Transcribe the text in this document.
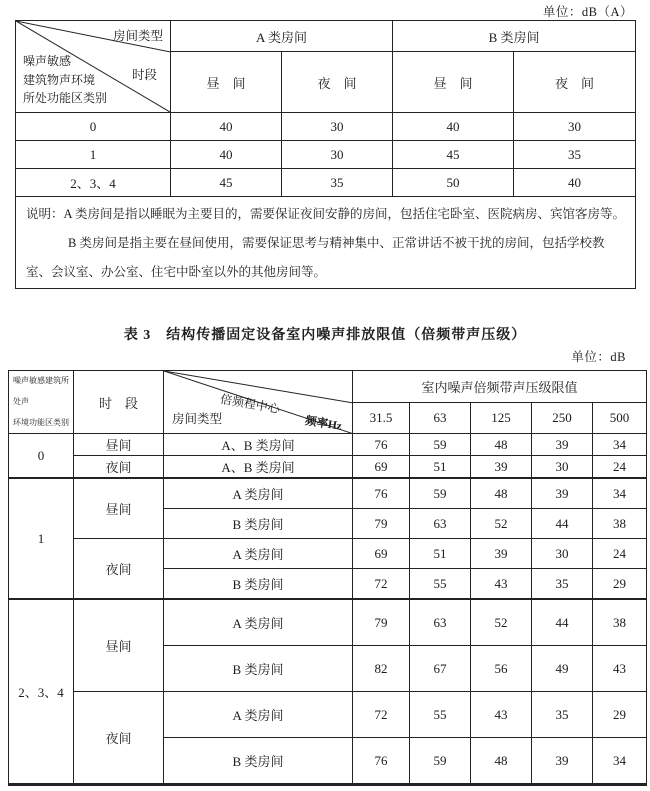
单位：dB（A）
房间类型
时段
噪声敏感
建筑物声环境
所处功能区类别	A 类房间		B 类房间	
	昼　间	夜　间	昼　间	夜　间
0	40	30	40	30
1	40	30	45	35
2、3、4	45	35	50	40

说明：A 类房间是指以睡眠为主要目的，需要保证夜间安静的房间，包括住宅卧室、医院病房、宾馆客房等。

B 类房间是指主要在昼间使用，需要保证思考与精神集中、正常讲话不被干扰的房间，包括学校教室、会议室、办公室、住宅中卧室以外的其他房间等。				

表 3　结构传播固定设备室内噪声排放限值（倍频带声压级）
单位：dB
噪声敏感建筑所处声
环境功能区类别
	时　段	倍频程中心
频率Hz
房间类型
	室内噪声倍频带声压级限值
			31.5	63	125	250	500
0	昼间	A、B 类房间	76	59	48	39	34
	夜间	A、B 类房间	69	51	39	30	24
1	昼间	A 类房间	76	59	48	39	34
		B 类房间	79	63	52	44	38
	夜间	A 类房间	69	51	39	30	24
		B 类房间	72	55	43	35	29
2、3、4	昼间	A 类房间	79	63	52	44	38
		B 类房间	82	67	56	49	43
	夜间	A 类房间	72	55	43	35	29
		B 类房间	76	59	48	39	34
